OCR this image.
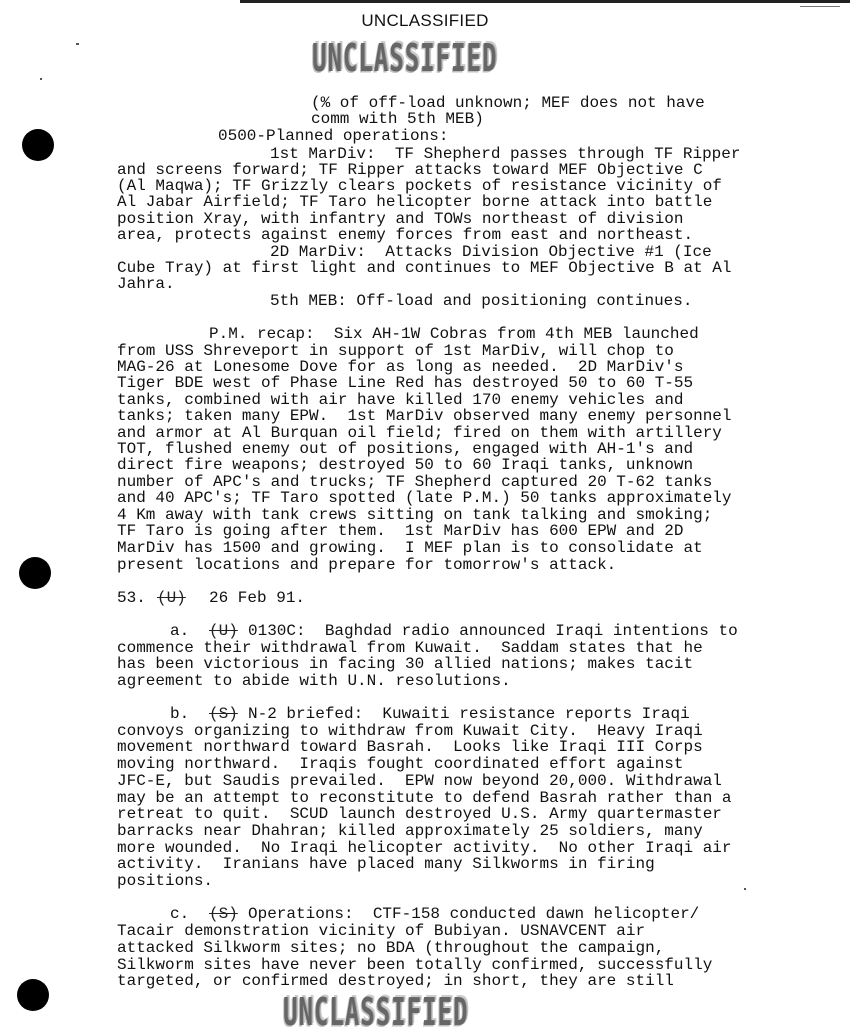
UNCLASSIFIED
UNCLASSIFIED
(% of off-load unknown; MEF does not have
comm with 5th MEB)
0500-Planned operations:
1st MarDiv:  TF Shepherd passes through TF Ripper
and screens forward; TF Ripper attacks toward MEF Objective C
(Al Maqwa); TF Grizzly clears pockets of resistance vicinity of
Al Jabar Airfield; TF Taro helicopter borne attack into battle
position Xray, with infantry and TOWs northeast of division
area, protects against enemy forces from east and northeast.
2D MarDiv:  Attacks Division Objective #1 (Ice
Cube Tray) at first light and continues to MEF Objective B at Al
Jahra.
5th MEB: Off-load and positioning continues.
P.M. recap:  Six AH-1W Cobras from 4th MEB launched
from USS Shreveport in support of 1st MarDiv, will chop to
MAG-26 at Lonesome Dove for as long as needed.  2D MarDiv's
Tiger BDE west of Phase Line Red has destroyed 50 to 60 T-55
tanks, combined with air have killed 170 enemy vehicles and
tanks; taken many EPW.  1st MarDiv observed many enemy personnel
and armor at Al Burquan oil field; fired on them with artillery
TOT, flushed enemy out of positions, engaged with AH-1's and
direct fire weapons; destroyed 50 to 60 Iraqi tanks, unknown
number of APC's and trucks; TF Shepherd captured 20 T-62 tanks
and 40 APC's; TF Taro spotted (late P.M.) 50 tanks approximately
4 Km away with tank crews sitting on tank talking and smoking;
TF Taro is going after them.  1st MarDiv has 600 EPW and 2D
MarDiv has 1500 and growing.  I MEF plan is to consolidate at
present locations and prepare for tomorrow's attack.
53. (U) 26 Feb 91.
a. (U) 0130C:  Baghdad radio announced Iraqi intentions to
commence their withdrawal from Kuwait.  Saddam states that he
has been victorious in facing 30 allied nations; makes tacit
agreement to abide with U.N. resolutions.
b. (S) N-2 briefed:  Kuwaiti resistance reports Iraqi
convoys organizing to withdraw from Kuwait City.  Heavy Iraqi
movement northward toward Basrah.  Looks like Iraqi III Corps
moving northward.  Iraqis fought coordinated effort against
JFC-E, but Saudis prevailed.  EPW now beyond 20,000. Withdrawal
may be an attempt to reconstitute to defend Basrah rather than a
retreat to quit.  SCUD launch destroyed U.S. Army quartermaster
barracks near Dhahran; killed approximately 25 soldiers, many
more wounded.  No Iraqi helicopter activity.  No other Iraqi air
activity.  Iranians have placed many Silkworms in firing
positions.
c. (S) Operations:  CTF-158 conducted dawn helicopter/
Tacair demonstration vicinity of Bubiyan. USNAVCENT air
attacked Silkworm sites; no BDA (throughout the campaign,
Silkworm sites have never been totally confirmed, successfully
targeted, or confirmed destroyed; in short, they are still
UNCLASSIFIED
